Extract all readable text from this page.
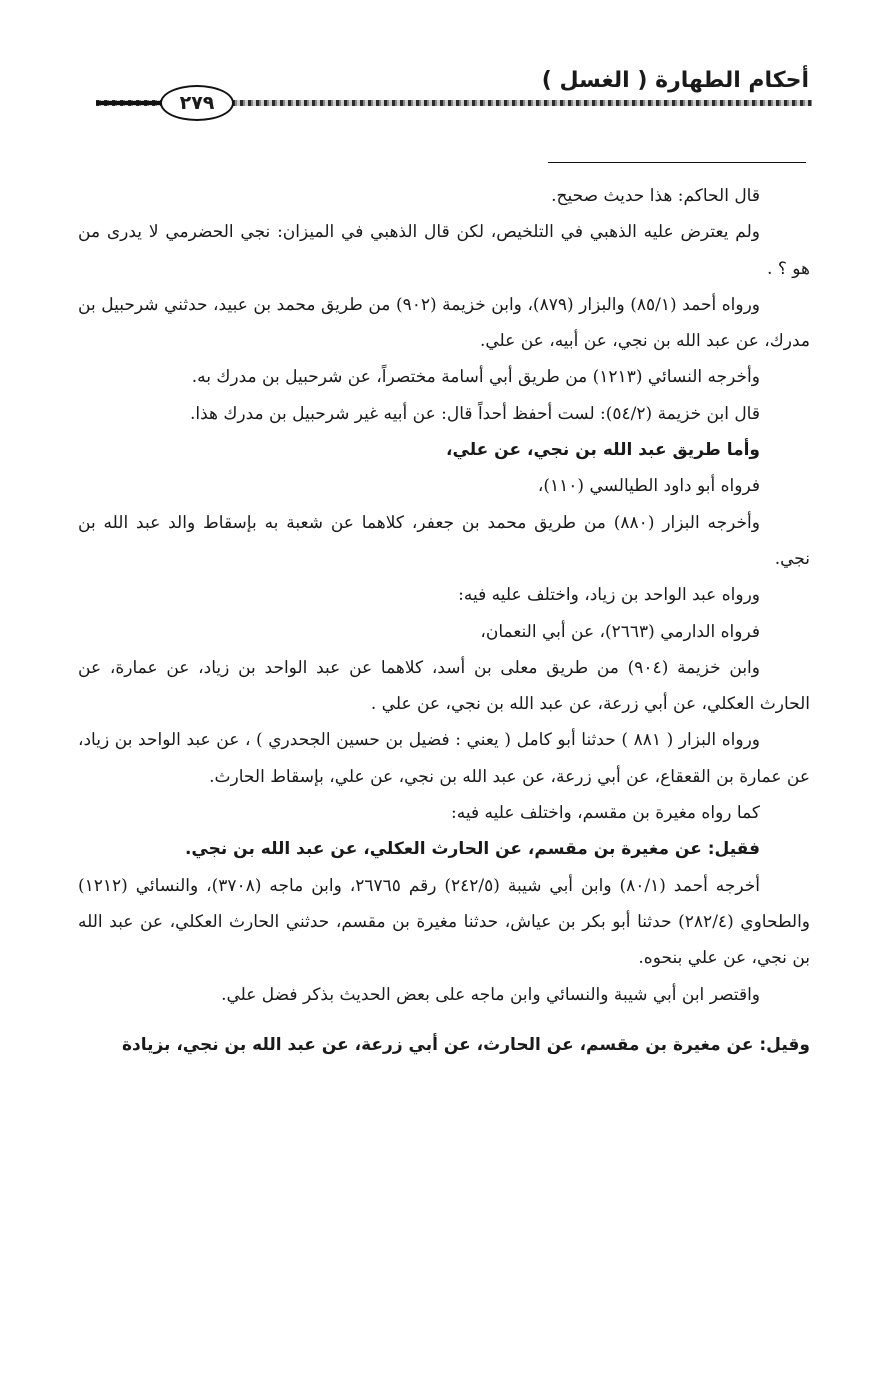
أحكام الطهارة ( الغسل )
٢٧٩

قال الحاكم: هذا حديث صحيح.

ولم يعترض عليه الذهبي في التلخيص، لكن قال الذهبي في الميزان: نجي الحضرمي لا يدرى من هو ؟ .

ورواه أحمد (٨٥/١) والبزار (٨٧٩)، وابن خزيمة (٩٠٢) من طريق محمد بن عبيد، حدثني شرحبيل بن مدرك، عن عبد الله بن نجي، عن أبيه، عن علي.

وأخرجه النسائي (١٢١٣) من طريق أبي أسامة مختصراً، عن شرحبيل بن مدرك به.

قال ابن خزيمة (٥٤/٢): لست أحفظ أحداً قال: عن أبيه غير شرحبيل بن مدرك هذا.

وأما طريق عبد الله بن نجي، عن علي،

فرواه أبو داود الطيالسي (١١٠)،

وأخرجه البزار (٨٨٠) من طريق محمد بن جعفر، كلاهما عن شعبة به بإسقاط والد عبد الله بن نجي.

ورواه عبد الواحد بن زياد، واختلف عليه فيه:

فرواه الدارمي (٢٦٦٣)، عن أبي النعمان،

وابن خزيمة (٩٠٤) من طريق معلى بن أسد، كلاهما عن عبد الواحد بن زياد، عن عمارة، عن الحارث العكلي، عن أبي زرعة، عن عبد الله بن نجي، عن علي .

ورواه البزار ( ٨٨١ ) حدثنا أبو كامل ( يعني : فضيل بن حسين الجحدري ) ، عن عبد الواحد بن زياد، عن عمارة بن القعقاع، عن أبي زرعة، عن عبد الله بن نجي، عن علي، بإسقاط الحارث.

كما رواه مغيرة بن مقسم، واختلف عليه فيه:

فقيل: عن مغيرة بن مقسم، عن الحارث العكلي، عن عبد الله بن نجي.

أخرجه أحمد (٨٠/١) وابن أبي شيبة (٢٤٢/٥) رقم ٢٦٧٦٥، وابن ماجه (٣٧٠٨)، والنسائي (١٢١٢) والطحاوي (٢٨٢/٤) حدثنا أبو بكر بن عياش، حدثنا مغيرة بن مقسم، حدثني الحارث العكلي، عن عبد الله بن نجي، عن علي بنحوه.

واقتصر ابن أبي شيبة والنسائي وابن ماجه على بعض الحديث بذكر فضل علي.

وقيل: عن مغيرة بن مقسم، عن الحارث، عن أبي زرعة، عن عبد الله بن نجي، بزيادة
